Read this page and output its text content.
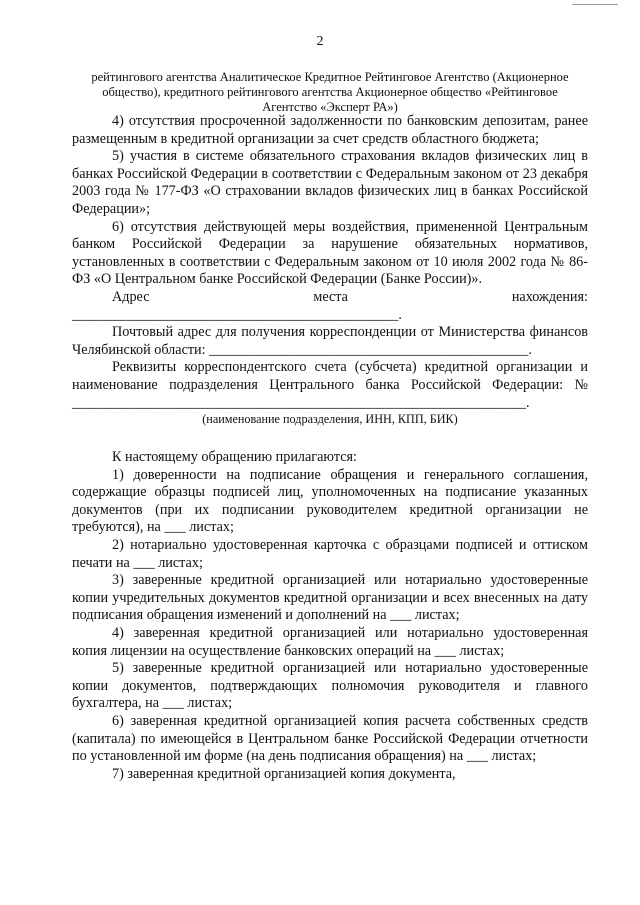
2
рейтингового агентства Аналитическое Кредитное Рейтинговое Агентство (Акционерное общество), кредитного рейтингового агентства Акционерное общество «Рейтинговое Агентство «Эксперт РА»)

4) отсутствия просроченной задолженности по банковским депозитам, ранее размещенным в кредитной организации за счет средств областного бюджета;

5) участия в системе обязательного страхования вкладов физических лиц в банках Российской Федерации в соответствии с Федеральным законом от 23 декабря 2003 года № 177-ФЗ «О страховании вкладов физических лиц в банках Российской Федерации»;

6) отсутствия действующей меры воздействия, примененной Центральным банком Российской Федерации за нарушение обязательных нормативов, установленных в соответствии с Федеральным законом от 10 июля 2002 года № 86-ФЗ «О Центральном банке Российской Федерации (Банке России)».

Адрес места нахождения: ______________________________________________.

Почтовый адрес для получения корреспонденции от Министерства финансов Челябинской области: _____________________________________________.

Реквизиты корреспондентского счета (субсчета) кредитной организации и наименование подразделения Центрального банка Российской Федерации: № ________________________________________________________________.

(наименование подразделения, ИНН, КПП, БИК)

К настоящему обращению прилагаются:

1) доверенности на подписание обращения и генерального соглашения, содержащие образцы подписей лиц, уполномоченных на подписание указанных документов (при их подписании руководителем кредитной организации не требуются), на ___ листах;

2) нотариально удостоверенная карточка с образцами подписей и оттиском печати на ___ листах;

3) заверенные кредитной организацией или нотариально удостоверенные копии учредительных документов кредитной организации и всех внесенных на дату подписания обращения изменений и дополнений на ___ листах;

4) заверенная кредитной организацией или нотариально удостоверенная копия лицензии на осуществление банковских операций на ___ листах;

5) заверенные кредитной организацией или нотариально удостоверенные копии документов, подтверждающих полномочия руководителя и главного бухгалтера, на ___ листах;

6) заверенная кредитной организацией копия расчета собственных средств (капитала) по имеющейся в Центральном банке Российской Федерации отчетности по установленной им форме (на день подписания обращения) на ___ листах;

7) заверенная кредитной организацией копия документа,
